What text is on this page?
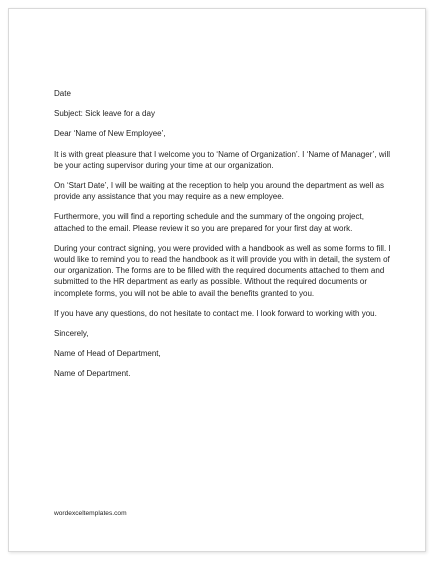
Date

Subject: Sick leave for a day

Dear ‘Name of New Employee’,

It is with great pleasure that I welcome you to ‘Name of Organization’. I ‘Name of Manager’, will be your acting supervisor during your time at our organization.

On ‘Start Date’, I will be waiting at the reception to help you around the department as well as provide any assistance that you may require as a new employee.

Furthermore, you will find a reporting schedule and the summary of the ongoing project, attached to the email. Please review it so you are prepared for your first day at work.

During your contract signing, you were provided with a handbook as well as some forms to fill. I would like to remind you to read the handbook as it will provide you with in detail, the system of our organization. The forms are to be filled with the required documents attached to them and submitted to the HR department as early as possible. Without the required documents or incomplete forms, you will not be able to avail the benefits granted to you.

If you have any questions, do not hesitate to contact me. I look forward to working with you.

Sincerely,

Name of Head of Department,

Name of Department.

wordexceltemplates.com
